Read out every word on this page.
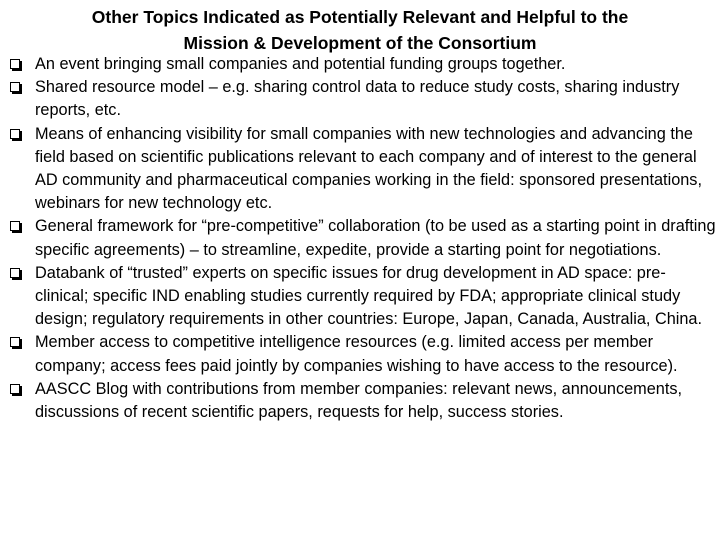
Other Topics Indicated as Potentially Relevant and Helpful to the
Mission & Development of the Consortium
An event bringing small companies and potential funding groups together.
Shared resource model – e.g. sharing control data to reduce study costs, sharing industry reports, etc.
Means of enhancing visibility for small companies with new technologies and advancing the field based on scientific publications relevant to each company and of interest to the general AD community and pharmaceutical companies working in the field: sponsored presentations, webinars for new technology etc.
General framework for “pre-competitive” collaboration (to be used as a starting point in drafting specific agreements) – to streamline, expedite, provide a starting point for negotiations.
Databank of “trusted” experts on specific issues for drug development in AD space: pre-clinical; specific IND enabling studies currently required by FDA; appropriate clinical study design; regulatory requirements in other countries: Europe, Japan, Canada, Australia, China.
Member access to competitive intelligence resources (e.g. limited access per member company; access fees paid jointly by companies wishing to have access to the resource).
AASCC Blog with contributions from member companies: relevant news, announcements, discussions of recent scientific papers, requests for help, success stories.
